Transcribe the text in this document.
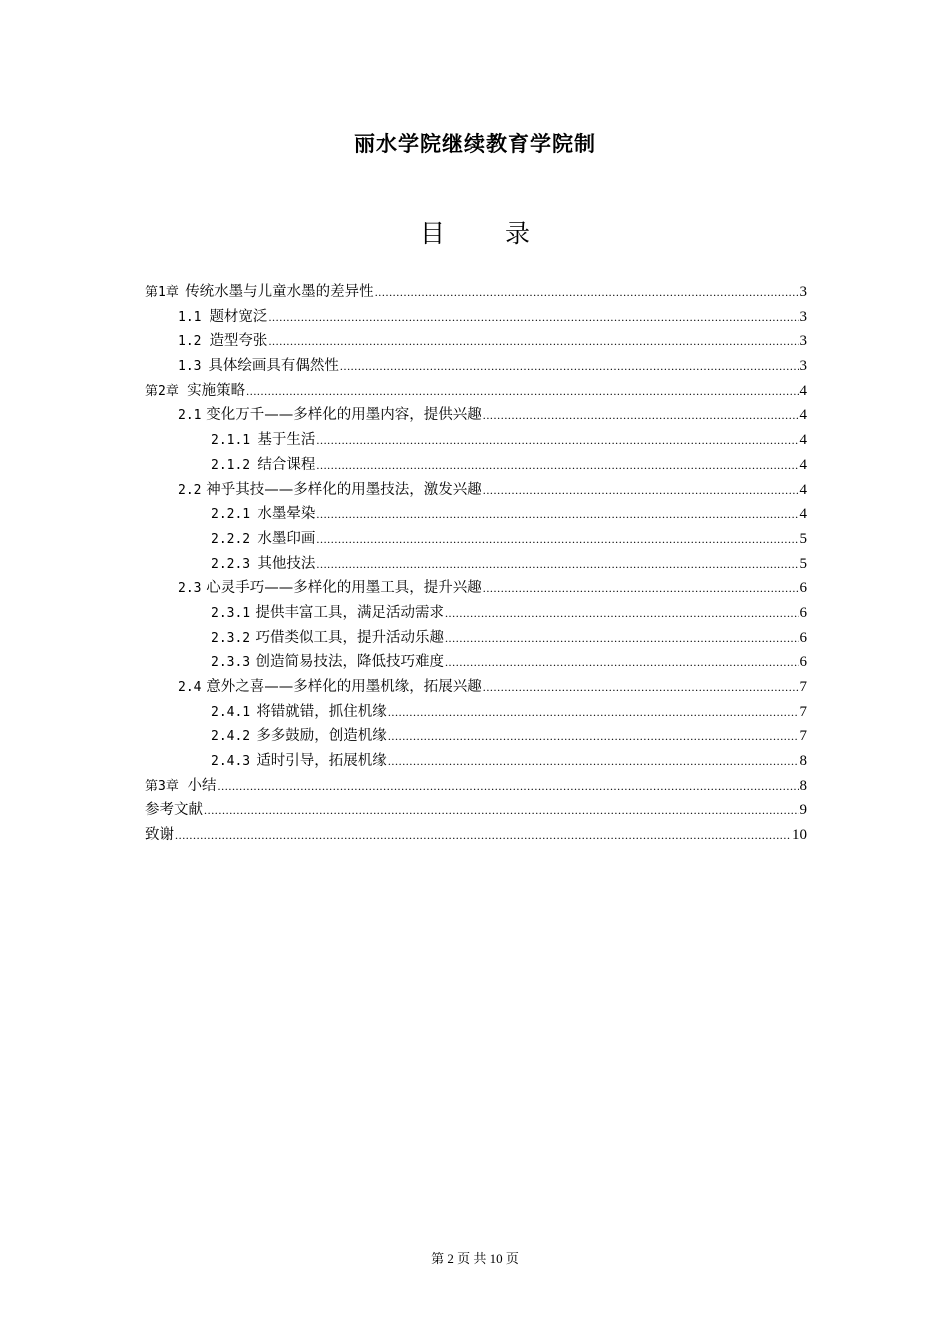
丽水学院继续教育学院制
目 录
第1章 传统水墨与儿童水墨的差异性 .....	3
1.1 题材宽泛 .....	3
1.2 造型夸张 .....	3
1.3 具体绘画具有偶然性 .....	3
第2章 实施策略 .....	4
2.1 变化万千——多样化的用墨内容，提供兴趣 .....	4
2.1.1 基于生活 .....	4
2.1.2 结合课程 .....	4
2.2 神乎其技——多样化的用墨技法，激发兴趣 .....	4
2.2.1 水墨晕染 .....	4
2.2.2 水墨印画 .....	5
2.2.3 其他技法 .....	5
2.3 心灵手巧——多样化的用墨工具，提升兴趣 .....	6
2.3.1 提供丰富工具，满足活动需求 .....	6
2.3.2 巧借类似工具，提升活动乐趣 .....	6
2.3.3 创造简易技法，降低技巧难度 .....	6
2.4 意外之喜——多样化的用墨机缘，拓展兴趣 .....	7
2.4.1 将错就错，抓住机缘 .....	7
2.4.2 多多鼓励，创造机缘 .....	7
2.4.3 适时引导，拓展机缘 .....	8
第3章 小结 .....	8
参考文献 .....	9
致谢 .....	10
第 2 页 共 10 页
